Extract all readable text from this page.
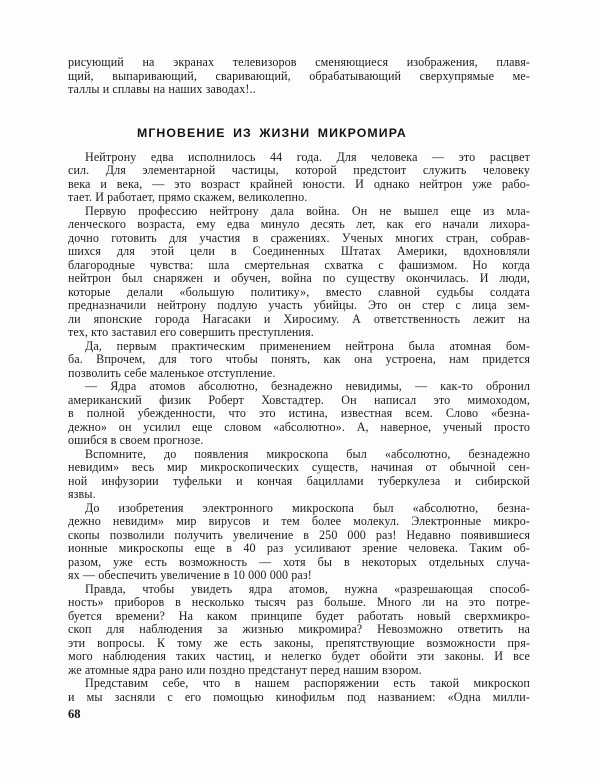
рисующий на экранах телевизоров сменяющиеся изображения, плавя-
щий, выпаривающий, сваривающий, обрабатывающий сверхупрямые ме-
таллы и сплавы на наших заводах!..
МГНОВЕНИЕ ИЗ ЖИЗНИ МИКРОМИРА
Нейтрону едва исполнилось 44 года. Для человека — это расцвет
сил. Для элементарной частицы, которой предстоит служить человеку
века и века, — это возраст крайней юности. И однако нейтрон уже рабо-
тает. И работает, прямо скажем, великолепно.
Первую профессию нейтрону дала война. Он не вышел еще из мла-
ленческого возраста, ему едва минуло десять лет, как его начали лихора-
дочно готовить для участия в сражениях. Ученых многих стран, собрав-
шихся для этой цели в Соединенных Штатах Америки, вдохновляли
благородные чувства: шла смертельная схватка с фашизмом. Но когда
нейтрон был снаряжен и обучен, война по существу окончилась. И люди,
которые делали «большую политику», вместо славной судьбы солдата
предназначили нейтрону подлую участь убийцы. Это он стер с лица зем-
ли японские города Нагасаки и Хиросиму. А ответственность лежит на
тех, кто заставил его совершить преступления.
Да, первым практическим применением нейтрона была атомная бом-
ба. Впрочем, для того чтобы понять, как она устроена, нам придется
позволить себе маленькое отступление.
— Ядра атомов абсолютно, безнадежно невидимы, — как-то обронил
американский физик Роберт Ховстадтер. Он написал это мимоходом,
в полной убежденности, что это истина, известная всем. Слово «безна-
дежно» он усилил еще словом «абсолютно». А, наверное, ученый просто
ошибся в своем прогнозе.
Вспомните, до появления микроскопа был «абсолютно, безнадежно
невидим» весь мир микроскопических существ, начиная от обычной сен-
ной инфузории туфельки и кончая бациллами туберкулеза и сибирской
язвы.
До изобретения электронного микроскопа был «абсолютно, безна-
дежно невидим» мир вирусов и тем более молекул. Электронные микро-
скопы позволили получить увеличение в 250 000 раз! Недавно появившиеся
ионные микроскопы еще в 40 раз усиливают зрение человека. Таким об-
разом, уже есть возможность — хотя бы в некоторых отдельных случа-
ях — обеспечить увеличение в 10 000 000 раз!
Правда, чтобы увидеть ядра атомов, нужна «разрешающая способ-
ность» приборов в несколько тысяч раз больше. Много ли на это потре-
буется времени? На каком принципе будет работать новый сверхмикро-
скоп для наблюдения за жизнью микромира? Невозможно ответить на
эти вопросы. К тому же есть законы, препятствующие возможности пря-
мого наблюдения таких частиц, и нелегко будет обойти эти законы. И все
же атомные ядра рано или поздно предстанут перед нашим взором.
Представим себе, что в нашем распоряжении есть такой микроскоп
и мы засняли с его помощью кинофильм под названием: «Одна милли-
68
